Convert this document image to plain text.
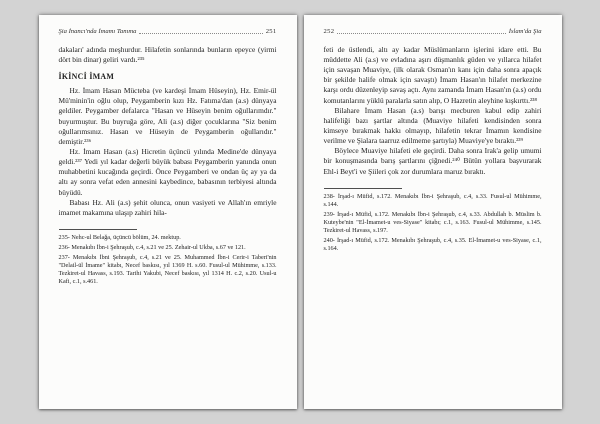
Şia İnancı'nda İmamı Tanıma	251

dakaları' adında meşhurdur. Hilafetin sonlarında bunların epeyce (yirmi dört bin dinar) geliri vardı.²³⁵

İKİNCİ İMAM

Hz. İmam Hasan Mücteba (ve kardeşi İmam Hüseyin), Hz. Emir-ül Mü'minin'in oğlu olup, Peygamberin kızı Hz. Fatıma'dan (a.s) dünyaya geldiler. Peygamber defalarca "Hasan ve Hüseyin benim oğullarımdır." buyurmuştur. Bu buyruğa göre, Ali (a.s) diğer çocuklarına "Siz benim oğullarımsınız. Hasan ve Hüseyin de Peygamberin oğullarıdır." demiştir.²³⁶

Hz. İmam Hasan (a.s) Hicretin üçüncü yılında Medine'de dünyaya geldi.²³⁷ Yedi yıl kadar değerli büyük babası Peygamberin yanında onun muhabbetini kucağında geçirdi. Önce Peygamberi ve ondan üç ay ya da altı ay sonra vefat eden annesini kaybedince, babasının terbiyesi altında büyüdü.

Babası Hz. Ali (a.s) şehit olunca, onun vasiyeti ve Allah'ın emriyle imamet makamına ulaşıp zahiri hila-

235- Nehc-ul Belağa, üçüncü bölüm, 24. mektup.

236- Menakıbı İbn-i Şehraşub, c.4, s.21 ve 25. Zehair-ul Ukba, s.67 ve 121.

237- Menakıbı İbni Şehraşub, c.4, s.21 ve 25. Muhammed İbn-i Cerir-i Taberi'nin "Delail-ül İmame" kitabı, Necef baskısı, yıl 1369 H. s.60. Fusul-ul Mühimme, s.133. Tezkiret-ul Havass, s.193. Tarihi Yakubi, Necef baskısı, yıl 1314 H. c.2, s.20. Usul-u Kafi, c.1, s.461.

252	İslam'da Şia

feti de üstlendi, altı ay kadar Müslümanların işlerini idare etti. Bu müddette Ali (a.s) ve evladına aşırı düşmanlık güden ve yıllarca hilafet için savaşan Muaviye, (ilk olarak Osman'ın kanı için daha sonra apaçık bir şekilde halife olmak için savaştı) İmam Hasan'ın hilafet merkezine karşı ordu düzenleyip savaş açtı. Aynı zamanda İmam Hasan'ın (a.s) ordu komutanlarını yüklü paralarla satın alıp, O Hazretin aleyhine kışkırttı.²³⁸

Bilahare İmam Hasan (a.s) barışı mecburen kabul edip zahiri halifeliği bazı şartlar altında (Muaviye hilafeti kendisinden sonra kimseye bırakmak hakkı olmayıp, hilafetin tekrar İmamın kendisine verilme ve Şialara taarruz edilmeme şartıyla) Muaviye'ye bıraktı.²³⁹

Böylece Muaviye hilafeti ele geçirdi. Daha sonra Irak'a gelip umumi bir konuşmasında barış şartlarını çiğnedi.²⁴⁰ Bütün yollara başvurarak Ehl-i Beyt'i ve Şiileri çok zor durumlara maruz bıraktı.

238- İrşad-ı Müfid, s.172. Menakıbı İbn-i Şehraşub, c.4, s.33. Fusul-ul Mühimme, s.144.

239- İrşad-ı Müfid, s.172. Menakıbı İbn-i Şehraşub, c.4, s.33. Abdullah b. Müslim b. Kuteybe'nin "El-İmamet-u ves-Siyase" kitabı; c.1, s.163. Fusul-ul Mühimme, s.145. Tezkiret-ul Havass, s.197.

240- İrşad-ı Müfid, s.172. Menakıbı Şehraşub, c.4, s.35. El-İmamet-u ves-Siyase, c.1, s.164.
